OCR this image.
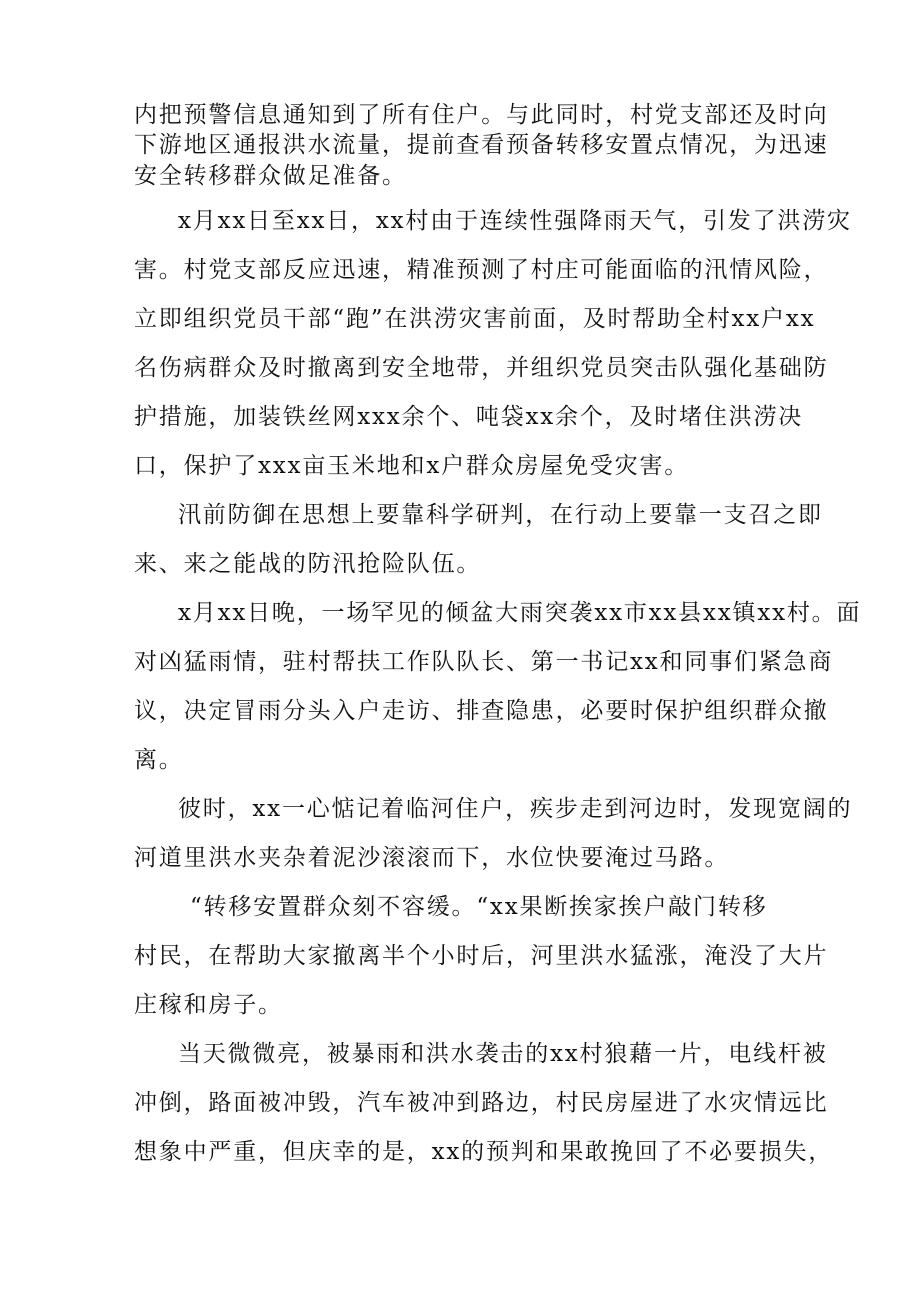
内把预警信息通知到了所有住户。与此同时，村党支部还及时向
下游地区通报洪水流量，提前查看预备转移安置点情况，为迅速
安全转移群众做足准备。
x月xx日至xx日，xx村由于连续性强降雨天气，引发了洪涝灾
害。村党支部反应迅速，精准预测了村庄可能面临的汛情风险，
立即组织党员干部“跑”在洪涝灾害前面，及时帮助全村xx户xx
名伤病群众及时撤离到安全地带，并组织党员突击队强化基础防
护措施，加装铁丝网xxx余个、吨袋xx余个，及时堵住洪涝决
口，保护了xxx亩玉米地和x户群众房屋免受灾害。
汛前防御在思想上要靠科学研判，在行动上要靠一支召之即
来、来之能战的防汛抢险队伍。
x月xx日晚，一场罕见的倾盆大雨突袭xx市xx县xx镇xx村。面
对凶猛雨情，驻村帮扶工作队队长、第一书记xx和同事们紧急商
议，决定冒雨分头入户走访、排查隐患，必要时保护组织群众撤
离。
彼时，xx一心惦记着临河住户，疾步走到河边时，发现宽阔的
河道里洪水夹杂着泥沙滚滚而下，水位快要淹过马路。
“转移安置群众刻不容缓。“xx果断挨家挨户敲门转移
村民，在帮助大家撤离半个小时后，河里洪水猛涨，淹没了大片
庄稼和房子。
当天微微亮，被暴雨和洪水袭击的xx村狼藉一片，电线杆被
冲倒，路面被冲毁，汽车被冲到路边，村民房屋进了水灾情远比
想象中严重，但庆幸的是，xx的预判和果敢挽回了不必要损失，
